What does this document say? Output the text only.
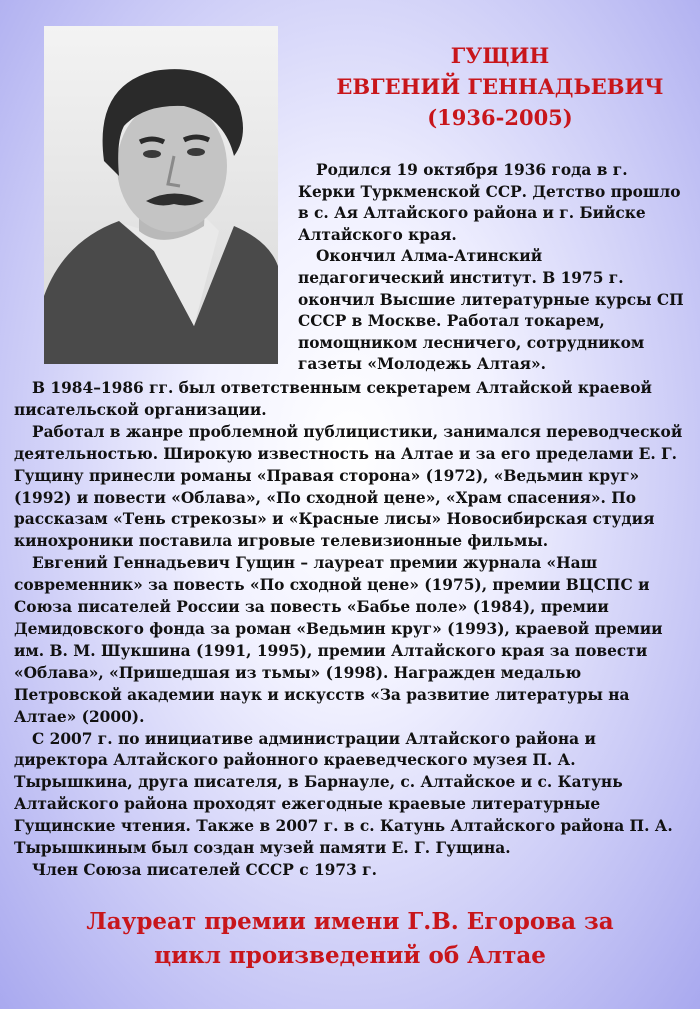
ГУЩИН
ЕВГЕНИЙ ГЕННАДЬЕВИЧ
(1936-2005)

Родился 19 октября 1936 года в г. Керки Туркменской ССР. Детство прошло в с. Ая Алтайского района и г. Бийске Алтайского края.

Окончил Алма-Атинский педагогический институт. В 1975 г. окончил Высшие литературные курсы СП СССР в Москве. Работал токарем, помощником лесничего, сотрудником газеты «Молодежь Алтая».

В 1984–1986 гг. был ответственным секретарем Алтайской краевой писательской организации.

Работал в жанре проблемной публицистики, занимался переводческой деятельностью. Широкую известность на Алтае и за его пределами Е. Г. Гущину принесли романы «Правая сторона» (1972), «Ведьмин круг» (1992) и повести «Облава», «По сходной цене», «Храм спасения». По рассказам «Тень стрекозы» и «Красные лисы» Новосибирская студия кинохроники поставила игровые телевизионные фильмы.

Евгений Геннадьевич Гущин – лауреат премии журнала «Наш современник» за повесть «По сходной цене» (1975), премии ВЦСПС и Союза писателей России за повесть «Бабье поле» (1984), премии Демидовского фонда за роман «Ведьмин круг» (1993), краевой премии им. В. М. Шукшина (1991, 1995), премии Алтайского края за повести «Облава», «Пришедшая из тьмы» (1998). Награжден медалью Петровской академии наук и искусств «За развитие литературы на Алтае» (2000).

С 2007 г. по инициативе администрации Алтайского района и директора Алтайского районного краеведческого музея П. А. Тырышкина, друга писателя, в Барнауле, с. Алтайское и с. Катунь Алтайского района проходят ежегодные краевые литературные Гущинские чтения. Также в 2007 г. в с. Катунь Алтайского района П. А. Тырышкиным был создан музей памяти Е. Г. Гущина.

Член Союза писателей СССР с 1973 г.

Лауреат премии имени Г.В. Егорова за
цикл произведений об Алтае
